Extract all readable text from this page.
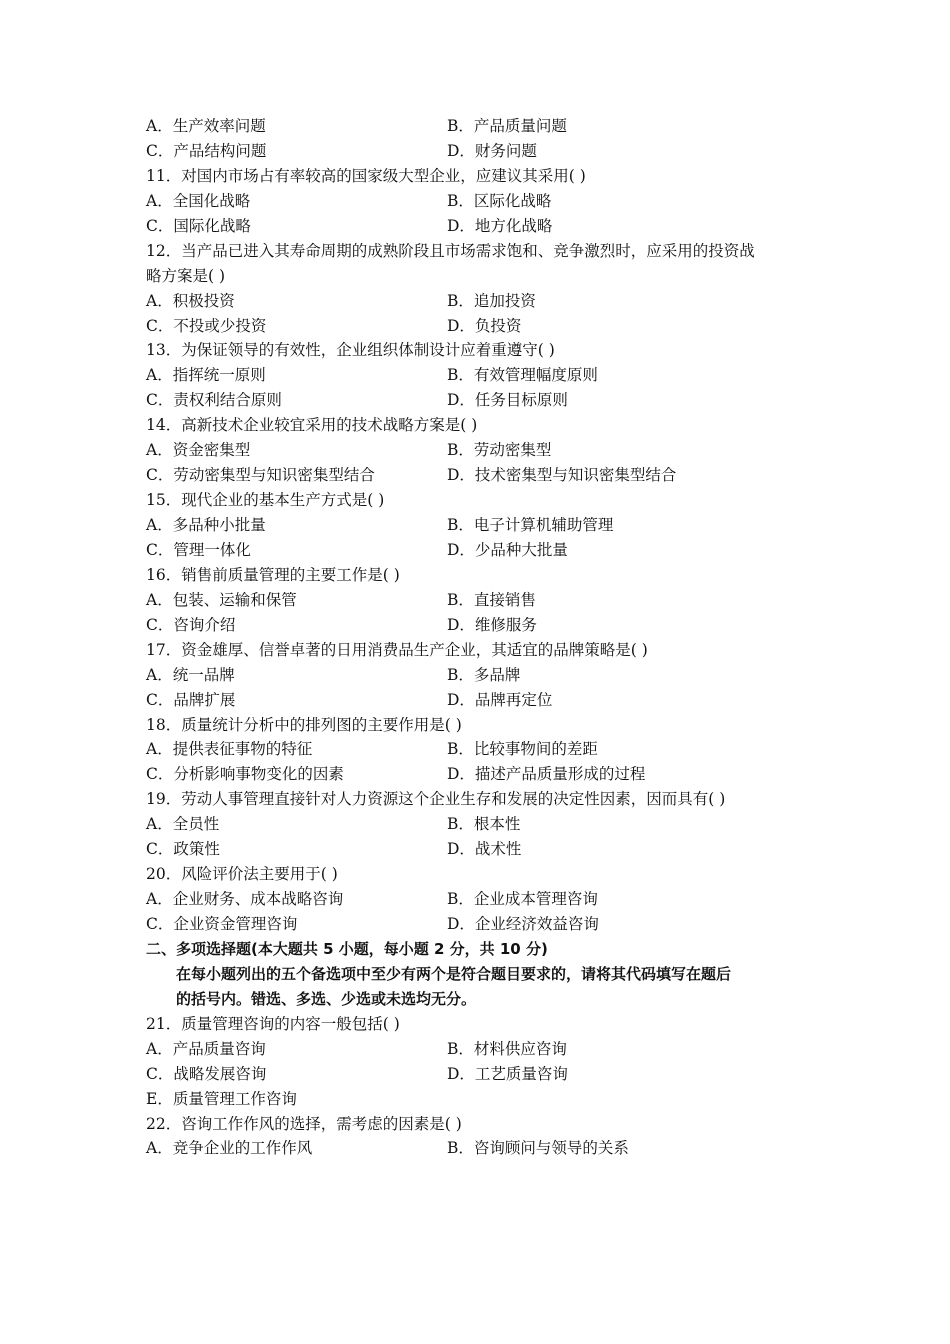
A．生产效率问题	B．产品质量问题
C．产品结构问题	D．财务问题
11．对国内市场占有率较高的国家级大型企业，应建议其采用( )
A．全国化战略	B．区际化战略
C．国际化战略	D．地方化战略
12．当产品已进入其寿命周期的成熟阶段且市场需求饱和、竞争激烈时，应采用的投资战
略方案是( )
A．积极投资	B．追加投资
C．不投或少投资	D．负投资
13．为保证领导的有效性，企业组织体制设计应着重遵守( )
A．指挥统一原则	B．有效管理幅度原则
C．责权利结合原则	D．任务目标原则
14．高新技术企业较宜采用的技术战略方案是( )
A．资金密集型	B．劳动密集型
C．劳动密集型与知识密集型结合	D．技术密集型与知识密集型结合
15．现代企业的基本生产方式是( )
A．多品种小批量	B．电子计算机辅助管理
C．管理一体化	D．少品种大批量
16．销售前质量管理的主要工作是( )
A．包装、运输和保管	B．直接销售
C．咨询介绍	D．维修服务
17．资金雄厚、信誉卓著的日用消费品生产企业，其适宜的品牌策略是( )
A．统一品牌	B．多品牌
C．品牌扩展	D．品牌再定位
18．质量统计分析中的排列图的主要作用是( )
A．提供表征事物的特征	B．比较事物间的差距
C．分析影响事物变化的因素	D．描述产品质量形成的过程
19．劳动人事管理直接针对人力资源这个企业生存和发展的决定性因素，因而具有( )
A．全员性	B．根本性
C．政策性	D．战术性
20．风险评价法主要用于( )
A．企业财务、成本战略咨询	B．企业成本管理咨询
C．企业资金管理咨询	D．企业经济效益咨询
二、多项选择题(本大题共 5 小题，每小题 2 分，共 10 分)
在每小题列出的五个备选项中至少有两个是符合题目要求的，请将其代码填写在题后
的括号内。错选、多选、少选或未选均无分。
21．质量管理咨询的内容一般包括( )
A．产品质量咨询	B．材料供应咨询
C．战略发展咨询	D．工艺质量咨询
E．质量管理工作咨询
22．咨询工作作风的选择，需考虑的因素是( )
A．竞争企业的工作作风	B．咨询顾问与领导的关系
